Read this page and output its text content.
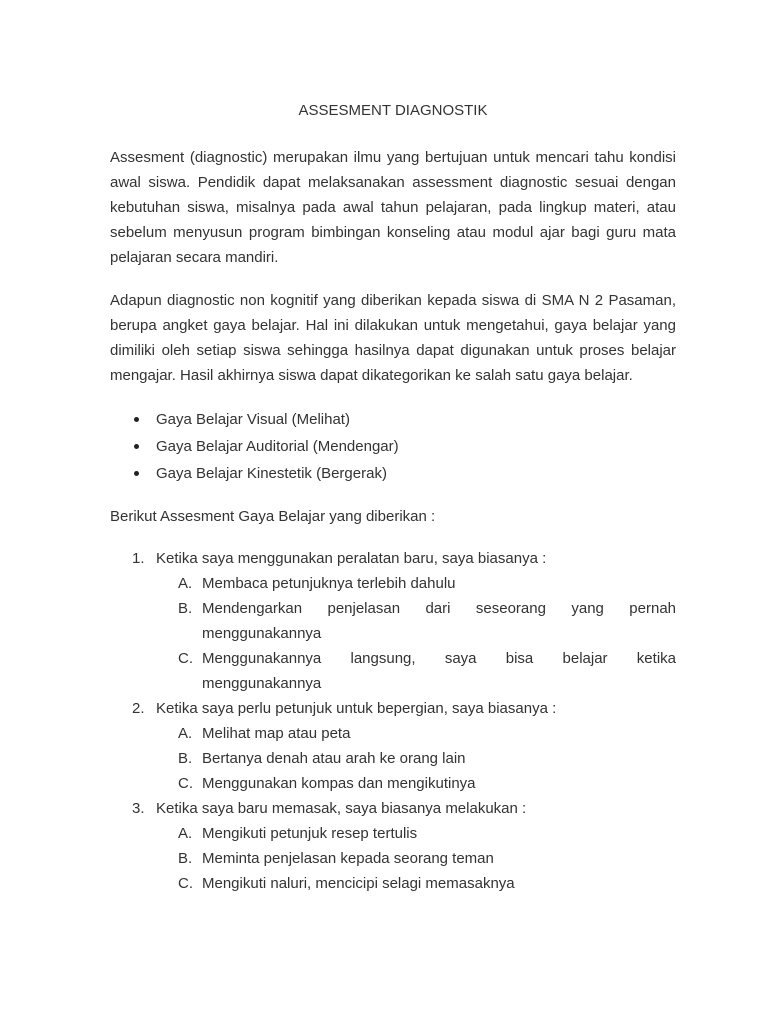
ASSESMENT DIAGNOSTIK

Assesment (diagnostic) merupakan ilmu yang bertujuan untuk mencari tahu kondisi awal siswa. Pendidik dapat melaksanakan assessment diagnostic sesuai dengan kebutuhan siswa, misalnya pada awal tahun pelajaran, pada lingkup materi, atau sebelum menyusun program bimbingan konseling atau modul ajar bagi guru mata pelajaran secara mandiri.

Adapun diagnostic non kognitif yang diberikan kepada siswa di SMA N 2 Pasaman, berupa angket gaya belajar. Hal ini dilakukan untuk mengetahui, gaya belajar yang dimiliki oleh setiap siswa sehingga hasilnya dapat digunakan untuk proses belajar mengajar. Hasil akhirnya siswa dapat dikategorikan ke salah satu gaya belajar.

Gaya Belajar Visual (Melihat)
Gaya Belajar Auditorial (Mendengar)
Gaya Belajar Kinestetik (Bergerak)

Berikut Assesment Gaya Belajar yang diberikan :

1. Ketika saya menggunakan peralatan baru, saya biasanya :
A. Membaca petunjuknya terlebih dahulu
B. Mendengarkan penjelasan dari seseorang yang pernah
menggunakannya
C. Menggunakannya langsung, saya bisa belajar ketika
menggunakannya
2. Ketika saya perlu petunjuk untuk bepergian, saya biasanya :
A. Melihat map atau peta
B. Bertanya denah atau arah ke orang lain
C. Menggunakan kompas dan mengikutinya
3. Ketika saya baru memasak, saya biasanya melakukan :
A. Mengikuti petunjuk resep tertulis
B. Meminta penjelasan kepada seorang teman
C. Mengikuti naluri, mencicipi selagi memasaknya
